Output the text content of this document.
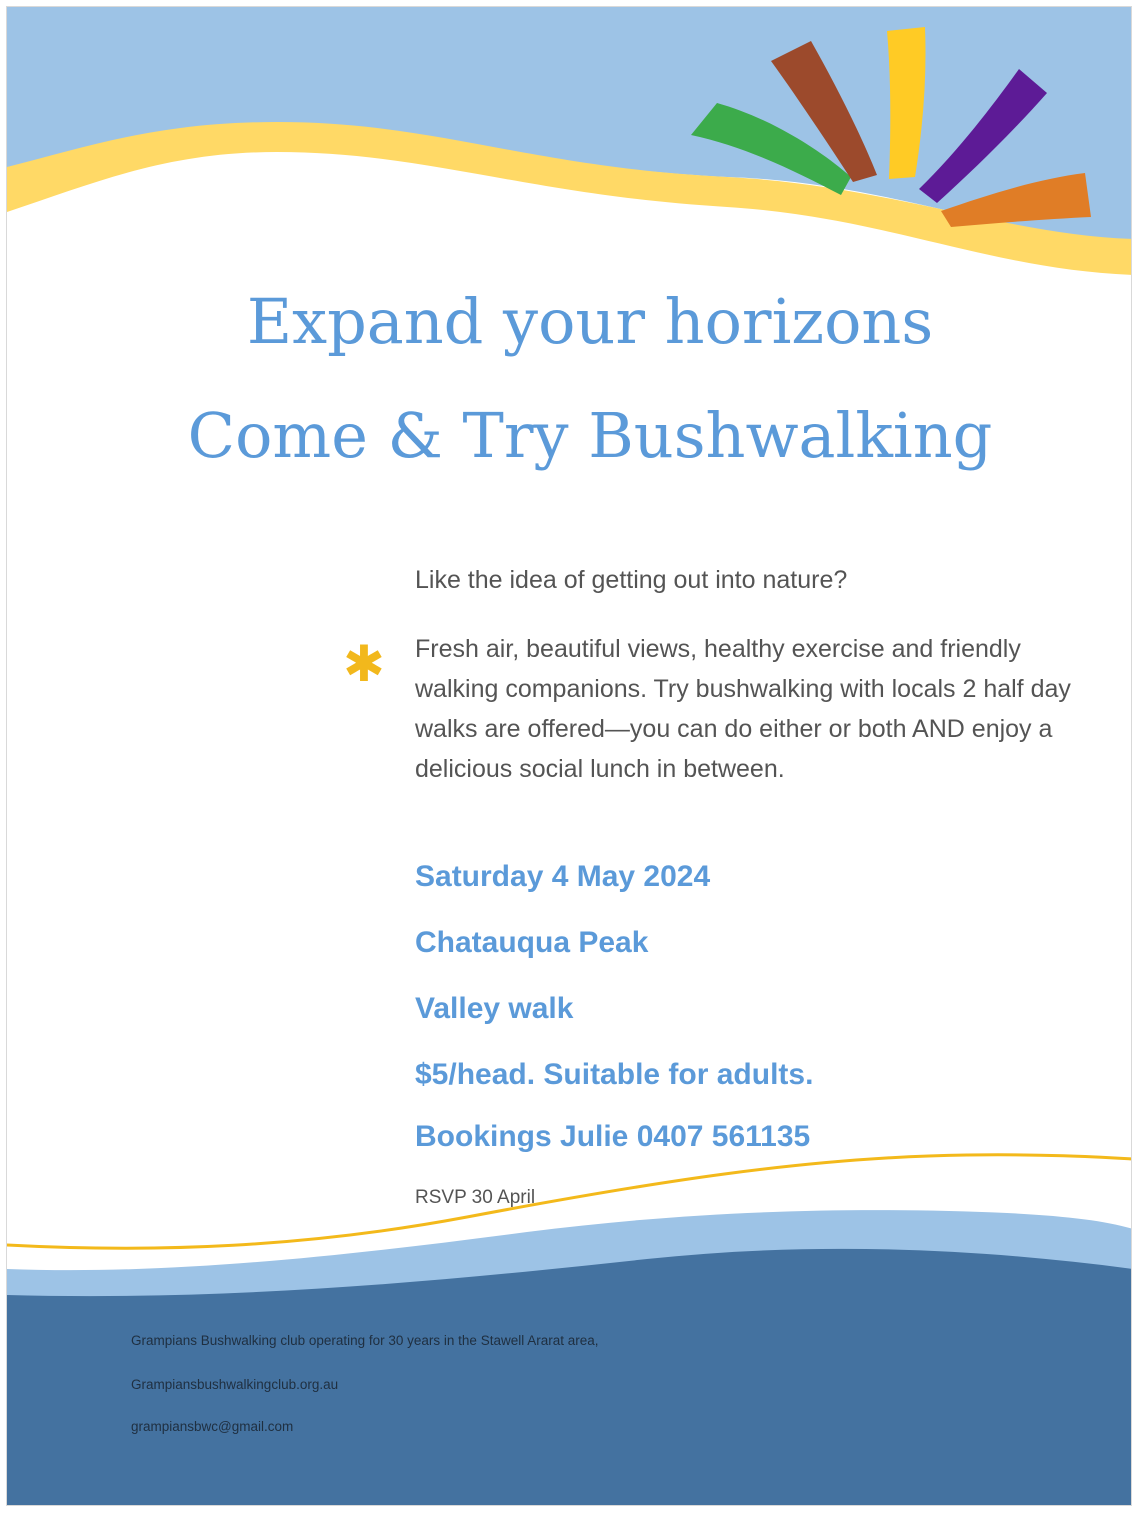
Expand your horizons
Come & Try Bushwalking

Like the idea of getting out into nature?

✱ Fresh air, beautiful views, healthy exercise and friendly walking companions. Try bushwalking with locals 2 half day walks are offered—you can do either or both AND enjoy a delicious social lunch in between.

Saturday 4 May 2024

Chatauqua Peak

Valley walk

$5/head. Suitable for adults.

Bookings Julie 0407 561135

RSVP 30 April

Grampians Bushwalking club operating for 30 years in the Stawell Ararat area,

Grampiansbushwalkingclub.org.au

grampiansbwc@gmail.com
